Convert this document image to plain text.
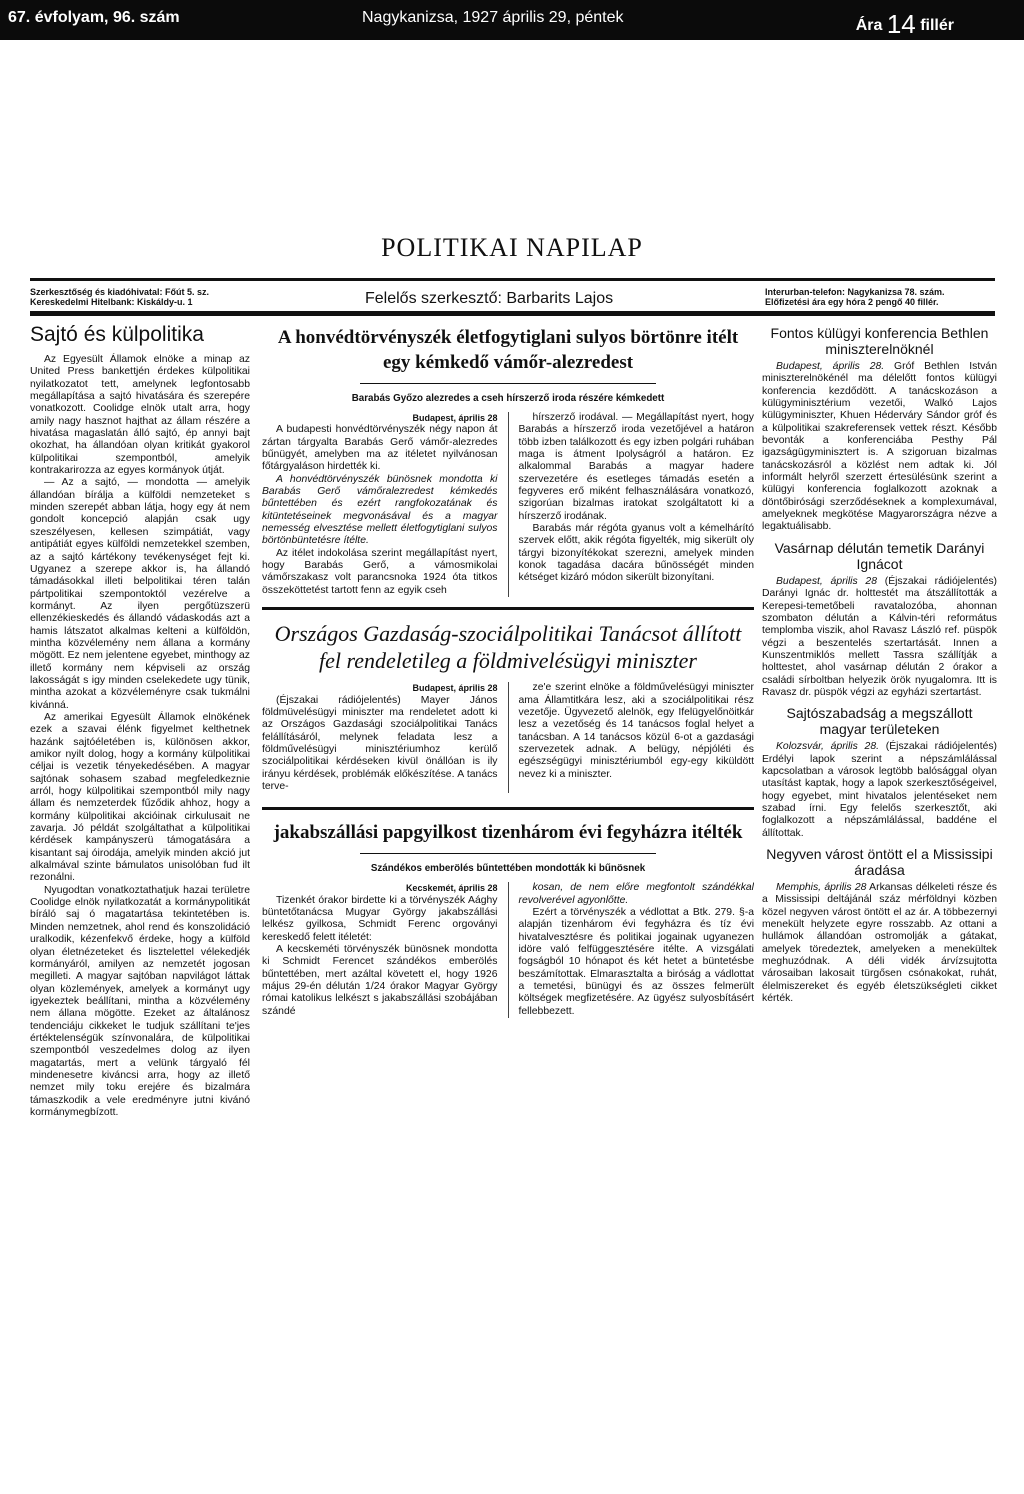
67. évfolyam, 96. szám	Nagykanizsa, 1927 április 29, péntek	Ára 14 fillér
POLITIKAI NAPILAP
Szerkesztőség és kiadóhivatal: Főút 5. sz.
Kereskedelmi Hitelbank: Kiskáldy-u. 1	Felelős szerkesztő: Barbarits Lajos	Interurban-telefon: Nagykanizsa 78. szám.
Előfizetési ára egy hóra 2 pengő 40 fillér.
Sajtó és külpolitika

Az Egyesült Államok elnöke a minap az United Press bankettjén érdekes külpolitikai nyilatkozatot tett, amelynek legfontosabb megállapítása a sajtó hivatására és szerepére vonatkozott. Coolidge elnök utalt arra, hogy amily nagy hasznot hajthat az állam részére a hivatása magaslatán álló sajtó, ép annyi bajt okozhat, ha állandóan olyan kritikát gyakorol külpolitikai szempontból, amelyik kontrakarirozza az egyes kormányok útját.

— Az a sajtó, — mondotta — amelyik állandóan bírálja a külföldi nemzeteket s minden szerepét abban látja, hogy egy át nem gondolt koncepció alapján csak ugy szeszélyesen, kellesen szimpátiát, vagy antipátiát egyes külföldi nemzetekkel szemben, az a sajtó kártékony tevékenységet fejt ki. Ugyanez a szerepe akkor is, ha állandó támadásokkal illeti belpolitikai téren talán pártpolitikai szempontoktól vezérelve a kormányt. Az ilyen pergőtüzszerü ellenzékieskedés és állandó vádaskodás azt a hamis látszatot alkalmas kelteni a külföldön, mintha közvélemény nem állana a kormány mögött. Ez nem jelentene egyebet, minthogy az illető kormány nem képviseli az ország lakosságát s igy minden cselekedete ugy tünik, mintha azokat a közvéleményre csak tukmálni kivánná.

Az amerikai Egyesült Államok elnökének ezek a szavai élénk figyelmet kelthetnek hazánk sajtóéletében is, különösen akkor, amikor nyilt dolog, hogy a kormány külpolitikai céljai is vezetik tényekedésében. A magyar sajtónak sohasem szabad megfeledkeznie arról, hogy külpolitikai szempontból mily nagy állam és nemzeterdek fűződik ahhoz, hogy a kormány külpolitikai akcióinak cirkulusait ne zavarja. Jó példát szolgáltathat a külpolitikai kérdések kampányszerü támogatására a kisantant saj óirodája, amelyik minden akció jut alkalmával szinte bámulatos unisolóban fud ilt rezonálni.

Nyugodtan vonatkoztathatjuk hazai területre Coolidge elnök nyilatkozatát a kormánypolitikát bíráló saj ó magatartása tekintetében is. Minden nemzetnek, ahol rend és konszolidáció uralkodik, kézenfekvő érdeke, hogy a külföld olyan életnézeteket és lisztelettel vélekedjék kormányáról, amilyen az nemzetét jogosan megilleti. A magyar sajtóban napvilágot láttak olyan közlemények, amelyek a kormányt ugy igyekeztek beállítani, mintha a közvélemény nem állana mögötte. Ezeket az általánosz tendenciáju cikkeket le tudjuk szállítani te'jes értéktelenségük színvonalára, de külpolitikai szempontból veszedelmes dolog az ilyen magatartás, mert a velünk tárgyaló fél mindenesetre kiváncsi arra, hogy az illető nemzet mily toku erejére és bizalmára támaszkodik a vele eredményre jutni kivánó kormánymegbízott.

A honvédtörvényszék életfogytiglani sulyos börtönre itélt egy kémkedő vámőr-alezredest
Barabás Győzo alezredes a cseh hírszerző iroda részére kémkedett
Budapest, április 28

A budapesti honvédtörvényszék négy napon át zártan tárgyalta Barabás Gerő vámőr-alezredes bűnügyét, amelyben ma az itéletet nyilvánosan főtárgyaláson hirdették ki.

A honvédtörvényszék bünösnek mondotta ki Barabás Gerő vámőralezredest kémkedés bűntettében és ezért rangfokozatának és kitüntetéseinek megvonásával és a magyar nemesség elvesztése mellett életfogytiglani sulyos börtönbüntetésre ítélte.

Az itélet indokolása szerint megállapítást nyert, hogy Barabás Gerő, a vámosmikolai vámőrszakasz volt parancsnoka 1924 óta titkos összeköttetést tartott fenn az egyik cseh

hírszerző irodával. — Megállapítást nyert, hogy Barabás a hírszerző iroda vezetőjével a határon több izben találkozott és egy izben polgári ruhában maga is átment Ipolyságról a határon. Ez alkalommal Barabás a magyar hadere szervezetére és esetleges támadás esetén a fegyveres erő miként felhasználására vonatkozó, szigorúan bizalmas iratokat szolgáltatott ki a hírszerző irodának.

Barabás már régóta gyanus volt a kémelhárító szervek előtt, akik régóta figyelték, mig sikerült oly tárgyi bizonyítékokat szerezni, amelyek minden konok tagadása dacára bűnösségét minden kétséget kizáró módon sikerült bizonyítani.

Országos Gazdaság-szociálpolitikai Tanácsot állított fel rendeletileg a földmivelésügyi miniszter
Budapest, április 28

(Éjszakai rádiójelentés) Mayer János földmüvelésügyi miniszter ma rendeletet adott ki az Országos Gazdasági szociálpolitikai Tanács felállításáról, melynek feladata lesz a földművelésügyi minisztériumhoz kerülő szociálpolitikai kérdéseken kivül önállóan is ily irányu kérdések, problémák előkészítése. A tanács terve-

ze'e szerint elnöke a földművelésügyi miniszter ama Államtitkára lesz, aki a szociálpolitikai rész vezetője. Ügyvezető alelnök, egy Ifelügyelőnöitkár lesz a vezetőség és 14 tanácsos foglal helyet a tanácsban. A 14 tanácsos közül 6-ot a gazdasági szervezetek adnak. A belügy, népjóléti és egészségügyi minisztériumból egy-egy kiküldött nevez ki a miniszter.

jakabszállási papgyilkost tizenhárom évi fegyházra itélték
Szándékos emberölés bűntettében mondották ki bűnösnek
Kecskemét, április 28

Tizenkét órakor birdette ki a törvényszék Aághy büntetőtanácsa Mugyar György jakabszállási lelkész gyilkosa, Schmidt Ferenc orgoványi kereskedő felett itéletét:

A kecskeméti törvényszék bünösnek mondotta ki Schmidt Ferencet szándékos emberölés bűntettében, mert azáltal követett el, hogy 1926 május 29-én délután 1/24 órakor Magyar György római katolikus lelkészt s jakabszállási szobájában szándé

kosan, de nem előre megfontolt szándékkal revolverével agyonlőtte.

Ezért a törvényszék a védlottat a Btk. 279. §-a alapján tizenhárom évi fegyházra és tíz évi hivatalvesztésre és politikai jogainak ugyanezen idöre való felfüggesztésére itélte. A vizsgálati fogságból 10 hónapot és két hetet a büntetésbe beszámítottak. Elmarasztalta a biróság a vádlottat a temetési, bünügyi és az összes felmerült költségek megfizetésére. Az ügyész sulyosbításért fellebbezett.

Fontos külügyi konferencia Bethlen miniszterelnöknél

Budapest, április 28. Gróf Bethlen István miniszterelnökénél ma délelőtt fontos külügyi konferencia kezdődött. A tanácskozáson a külügyminisztérium vezetői, Walkó Lajos külügyminiszter, Khuen Héderváry Sándor gróf és a külpolitikai szakreferensek vettek részt. Később bevonták a konferenciába Pesthy Pál igazságügyminisztert is. A szigoruan bizalmas tanácskozásról a közlést nem adtak ki. Jól informált helyről szerzett értesülésünk szerint a külügyi konferencia foglalkozott azoknak a döntőbirósági szerződéseknek a komplexumával, amelyeknek megkötése Magyarországra nézve a legaktuálisabb.

Vasárnap délután temetik Darányi Ignácot

Budapest, április 28 (Éjszakai rádiójelentés) Darányi Ignác dr. holttestét ma átszállították a Kerepesi-temetőbeli ravatalozóba, ahonnan szombaton délután a Kálvin-téri református templomba viszik, ahol Ravasz László ref. püspök végzi a beszentelés szertartását. Innen a Kunszentmiklós mellett Tassra szállítják a holttestet, ahol vasárnap délután 2 órakor a családi sírboltban helyezik örök nyugalomra. Itt is Ravasz dr. püspök végzi az egyházi szertartást.

Sajtószabadság a megszállott magyar területeken

Kolozsvár, április 28. (Éjszakai rádiójelentés) Erdélyi lapok szerint a népszámlálással kapcsolatban a városok legtöbb balósággal olyan utasítást kaptak, hogy a lapok szerkesztőségeivel, hogy egyebet, mint hivatalos jelentéseket nem szabad írni. Egy felelős szerkesztőt, aki foglalkozott a népszámlálással, baddéne el állítottak.

Negyven várost öntött el a Mississipi áradása

Memphis, április 28 Arkansas délkeleti része és a Mississipi deltájánál száz mérföldnyi közben közel negyven várost öntött el az ár. A többezernyi menekült helyzete egyre rosszabb. Az ottani a hullámok állandóan ostromolják a gátakat, amelyek töredeztek, amelyeken a menekültek meghuzódnak. A déli vidék árvízsujtotta városaiban lakosait türgősen csónakokat, ruhát, élelmiszereket és egyéb életszükségleti cikket kérték.
